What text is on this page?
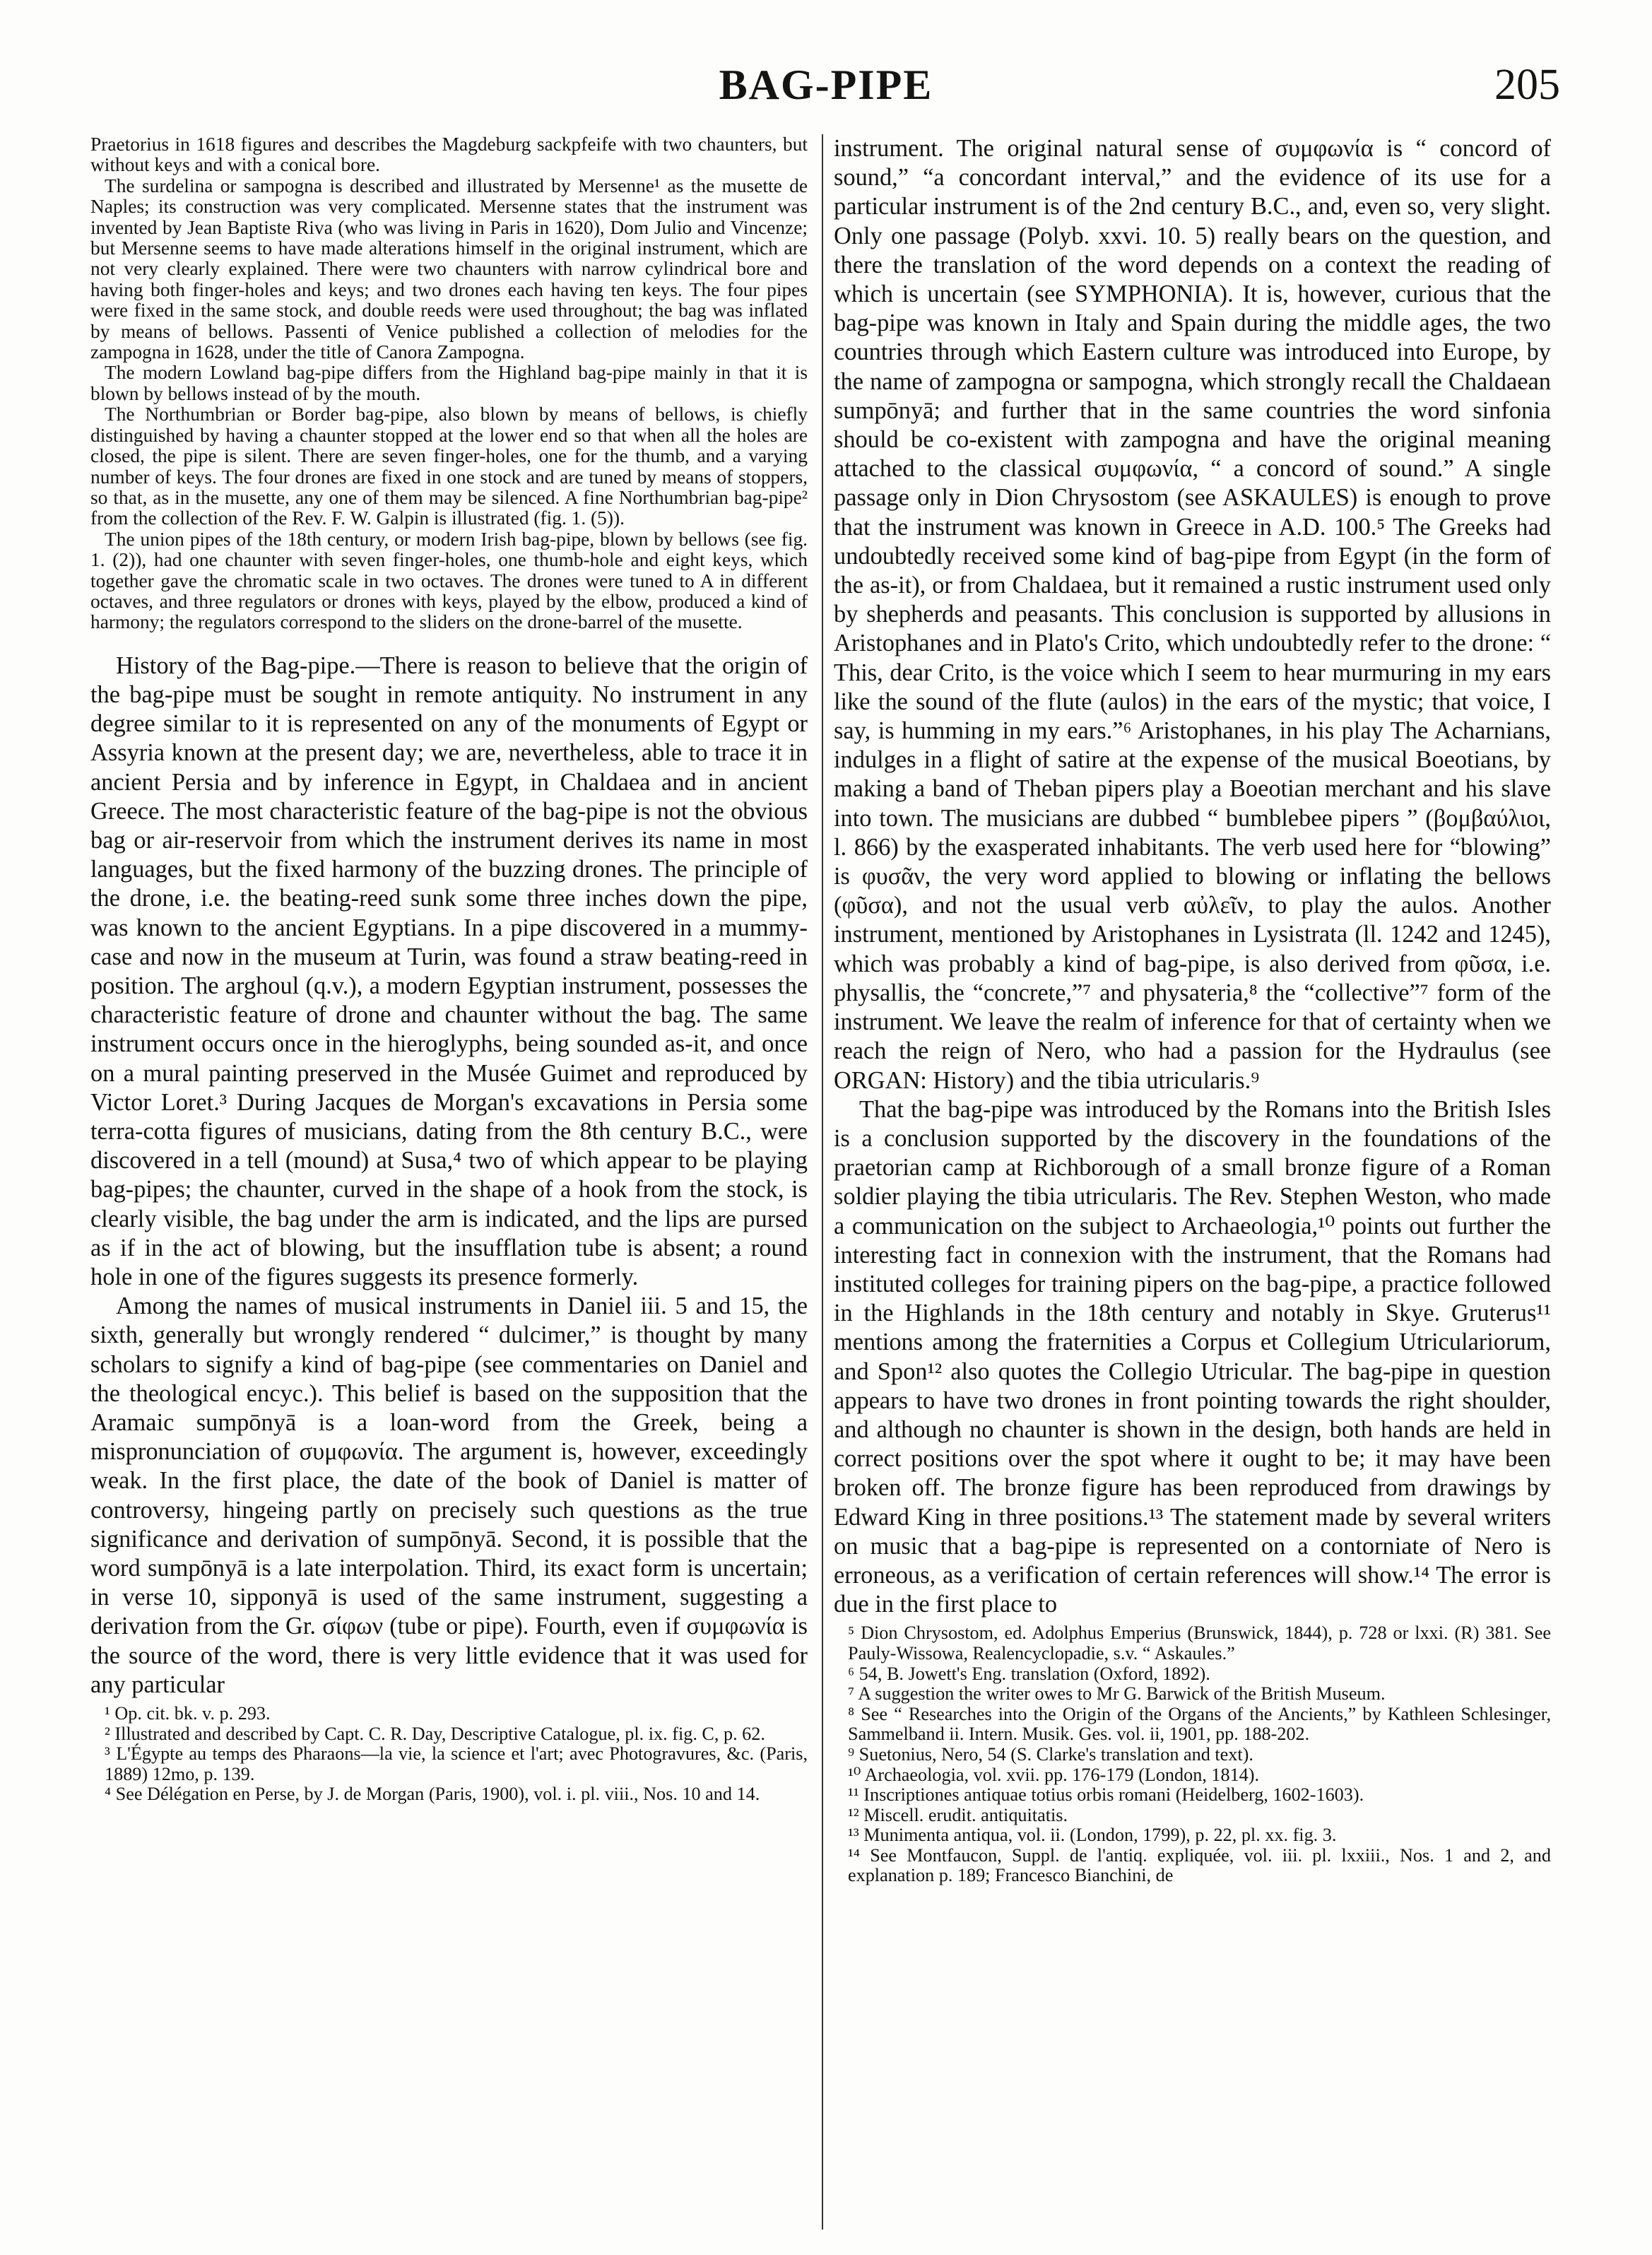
BAG-PIPE	205

Praetorius in 1618 figures and describes the Magdeburg sackpfeife with two chaunters, but without keys and with a conical bore.

The surdelina or sampogna is described and illustrated by Mersenne¹ as the musette de Naples; its construction was very complicated. Mersenne states that the instrument was invented by Jean Baptiste Riva (who was living in Paris in 1620), Dom Julio and Vincenze; but Mersenne seems to have made alterations himself in the original instrument, which are not very clearly explained. There were two chaunters with narrow cylindrical bore and having both finger-holes and keys; and two drones each having ten keys. The four pipes were fixed in the same stock, and double reeds were used throughout; the bag was inflated by means of bellows. Passenti of Venice published a collection of melodies for the zampogna in 1628, under the title of Canora Zampogna.

The modern Lowland bag-pipe differs from the Highland bag-pipe mainly in that it is blown by bellows instead of by the mouth.

The Northumbrian or Border bag-pipe, also blown by means of bellows, is chiefly distinguished by having a chaunter stopped at the lower end so that when all the holes are closed, the pipe is silent. There are seven finger-holes, one for the thumb, and a varying number of keys. The four drones are fixed in one stock and are tuned by means of stoppers, so that, as in the musette, any one of them may be silenced. A fine Northumbrian bag-pipe² from the collection of the Rev. F. W. Galpin is illustrated (fig. 1. (5)).

The union pipes of the 18th century, or modern Irish bag-pipe, blown by bellows (see fig. 1. (2)), had one chaunter with seven finger-holes, one thumb-hole and eight keys, which together gave the chromatic scale in two octaves. The drones were tuned to A in different octaves, and three regulators or drones with keys, played by the elbow, produced a kind of harmony; the regulators correspond to the sliders on the drone-barrel of the musette.

History of the Bag-pipe.—There is reason to believe that the origin of the bag-pipe must be sought in remote antiquity. No instrument in any degree similar to it is represented on any of the monuments of Egypt or Assyria known at the present day; we are, nevertheless, able to trace it in ancient Persia and by inference in Egypt, in Chaldaea and in ancient Greece. The most characteristic feature of the bag-pipe is not the obvious bag or air-reservoir from which the instrument derives its name in most languages, but the fixed harmony of the buzzing drones. The principle of the drone, i.e. the beating-reed sunk some three inches down the pipe, was known to the ancient Egyptians. In a pipe discovered in a mummy-case and now in the museum at Turin, was found a straw beating-reed in position. The arghoul (q.v.), a modern Egyptian instrument, possesses the characteristic feature of drone and chaunter without the bag. The same instrument occurs once in the hieroglyphs, being sounded as-it, and once on a mural painting preserved in the Musée Guimet and reproduced by Victor Loret.³ During Jacques de Morgan's excavations in Persia some terra-cotta figures of musicians, dating from the 8th century B.C., were discovered in a tell (mound) at Susa,⁴ two of which appear to be playing bag-pipes; the chaunter, curved in the shape of a hook from the stock, is clearly visible, the bag under the arm is indicated, and the lips are pursed as if in the act of blowing, but the insufflation tube is absent; a round hole in one of the figures suggests its presence formerly.

Among the names of musical instruments in Daniel iii. 5 and 15, the sixth, generally but wrongly rendered “ dulcimer,” is thought by many scholars to signify a kind of bag-pipe (see commentaries on Daniel and the theological encyc.). This belief is based on the supposition that the Aramaic sumpōnyā is a loan-word from the Greek, being a mispronunciation of συμφωνία. The argument is, however, exceedingly weak. In the first place, the date of the book of Daniel is matter of controversy, hingeing partly on precisely such questions as the true significance and derivation of sumpōnyā. Second, it is possible that the word sumpōnyā is a late interpolation. Third, its exact form is uncertain; in verse 10, sipponyā is used of the same instrument, suggesting a derivation from the Gr. σίφων (tube or pipe). Fourth, even if συμφωνία is the source of the word, there is very little evidence that it was used for any particular

¹ Op. cit. bk. v. p. 293.

² Illustrated and described by Capt. C. R. Day, Descriptive Catalogue, pl. ix. fig. C, p. 62.

³ L'Égypte au temps des Pharaons—la vie, la science et l'art; avec Photogravures, &c. (Paris, 1889) 12mo, p. 139.

⁴ See Délégation en Perse, by J. de Morgan (Paris, 1900), vol. i. pl. viii., Nos. 10 and 14.

instrument. The original natural sense of συμφωνία is “ concord of sound,” “a concordant interval,” and the evidence of its use for a particular instrument is of the 2nd century B.C., and, even so, very slight. Only one passage (Polyb. xxvi. 10. 5) really bears on the question, and there the translation of the word depends on a context the reading of which is uncertain (see SYMPHONIA). It is, however, curious that the bag-pipe was known in Italy and Spain during the middle ages, the two countries through which Eastern culture was introduced into Europe, by the name of zampogna or sampogna, which strongly recall the Chaldaean sumpōnyā; and further that in the same countries the word sinfonia should be co-existent with zampogna and have the original meaning attached to the classical συμφωνία, “ a concord of sound.” A single passage only in Dion Chrysostom (see ASKAULES) is enough to prove that the instrument was known in Greece in A.D. 100.⁵ The Greeks had undoubtedly received some kind of bag-pipe from Egypt (in the form of the as-it), or from Chaldaea, but it remained a rustic instrument used only by shepherds and peasants. This conclusion is supported by allusions in Aristophanes and in Plato's Crito, which undoubtedly refer to the drone: “ This, dear Crito, is the voice which I seem to hear murmuring in my ears like the sound of the flute (aulos) in the ears of the mystic; that voice, I say, is humming in my ears.”⁶ Aristophanes, in his play The Acharnians, indulges in a flight of satire at the expense of the musical Boeotians, by making a band of Theban pipers play a Boeotian merchant and his slave into town. The musicians are dubbed “ bumblebee pipers ” (βομβαύλιοι, l. 866) by the exasperated inhabitants. The verb used here for “blowing” is φυσᾶν, the very word applied to blowing or inflating the bellows (φῦσα), and not the usual verb αὐλεῖν, to play the aulos. Another instrument, mentioned by Aristophanes in Lysistrata (ll. 1242 and 1245), which was probably a kind of bag-pipe, is also derived from φῦσα, i.e. physallis, the “concrete,”⁷ and physateria,⁸ the “collective”⁷ form of the instrument. We leave the realm of inference for that of certainty when we reach the reign of Nero, who had a passion for the Hydraulus (see ORGAN: History) and the tibia utricularis.⁹

That the bag-pipe was introduced by the Romans into the British Isles is a conclusion supported by the discovery in the foundations of the praetorian camp at Richborough of a small bronze figure of a Roman soldier playing the tibia utricularis. The Rev. Stephen Weston, who made a communication on the subject to Archaeologia,¹⁰ points out further the interesting fact in connexion with the instrument, that the Romans had instituted colleges for training pipers on the bag-pipe, a practice followed in the Highlands in the 18th century and notably in Skye. Gruterus¹¹ mentions among the fraternities a Corpus et Collegium Utriculariorum, and Spon¹² also quotes the Collegio Utricular. The bag-pipe in question appears to have two drones in front pointing towards the right shoulder, and although no chaunter is shown in the design, both hands are held in correct positions over the spot where it ought to be; it may have been broken off. The bronze figure has been reproduced from drawings by Edward King in three positions.¹³ The statement made by several writers on music that a bag-pipe is represented on a contorniate of Nero is erroneous, as a verification of certain references will show.¹⁴ The error is due in the first place to

⁵ Dion Chrysostom, ed. Adolphus Emperius (Brunswick, 1844), p. 728 or lxxi. (R) 381. See Pauly-Wissowa, Realencyclopadie, s.v. “ Askaules.”

⁶ 54, B. Jowett's Eng. translation (Oxford, 1892).

⁷ A suggestion the writer owes to Mr G. Barwick of the British Museum.

⁸ See “ Researches into the Origin of the Organs of the Ancients,” by Kathleen Schlesinger, Sammelband ii. Intern. Musik. Ges. vol. ii, 1901, pp. 188-202.

⁹ Suetonius, Nero, 54 (S. Clarke's translation and text).

¹⁰ Archaeologia, vol. xvii. pp. 176-179 (London, 1814).

¹¹ Inscriptiones antiquae totius orbis romani (Heidelberg, 1602-1603).

¹² Miscell. erudit. antiquitatis.

¹³ Munimenta antiqua, vol. ii. (London, 1799), p. 22, pl. xx. fig. 3.

¹⁴ See Montfaucon, Suppl. de l'antiq. expliquée, vol. iii. pl. lxxiii., Nos. 1 and 2, and explanation p. 189; Francesco Bianchini, de
